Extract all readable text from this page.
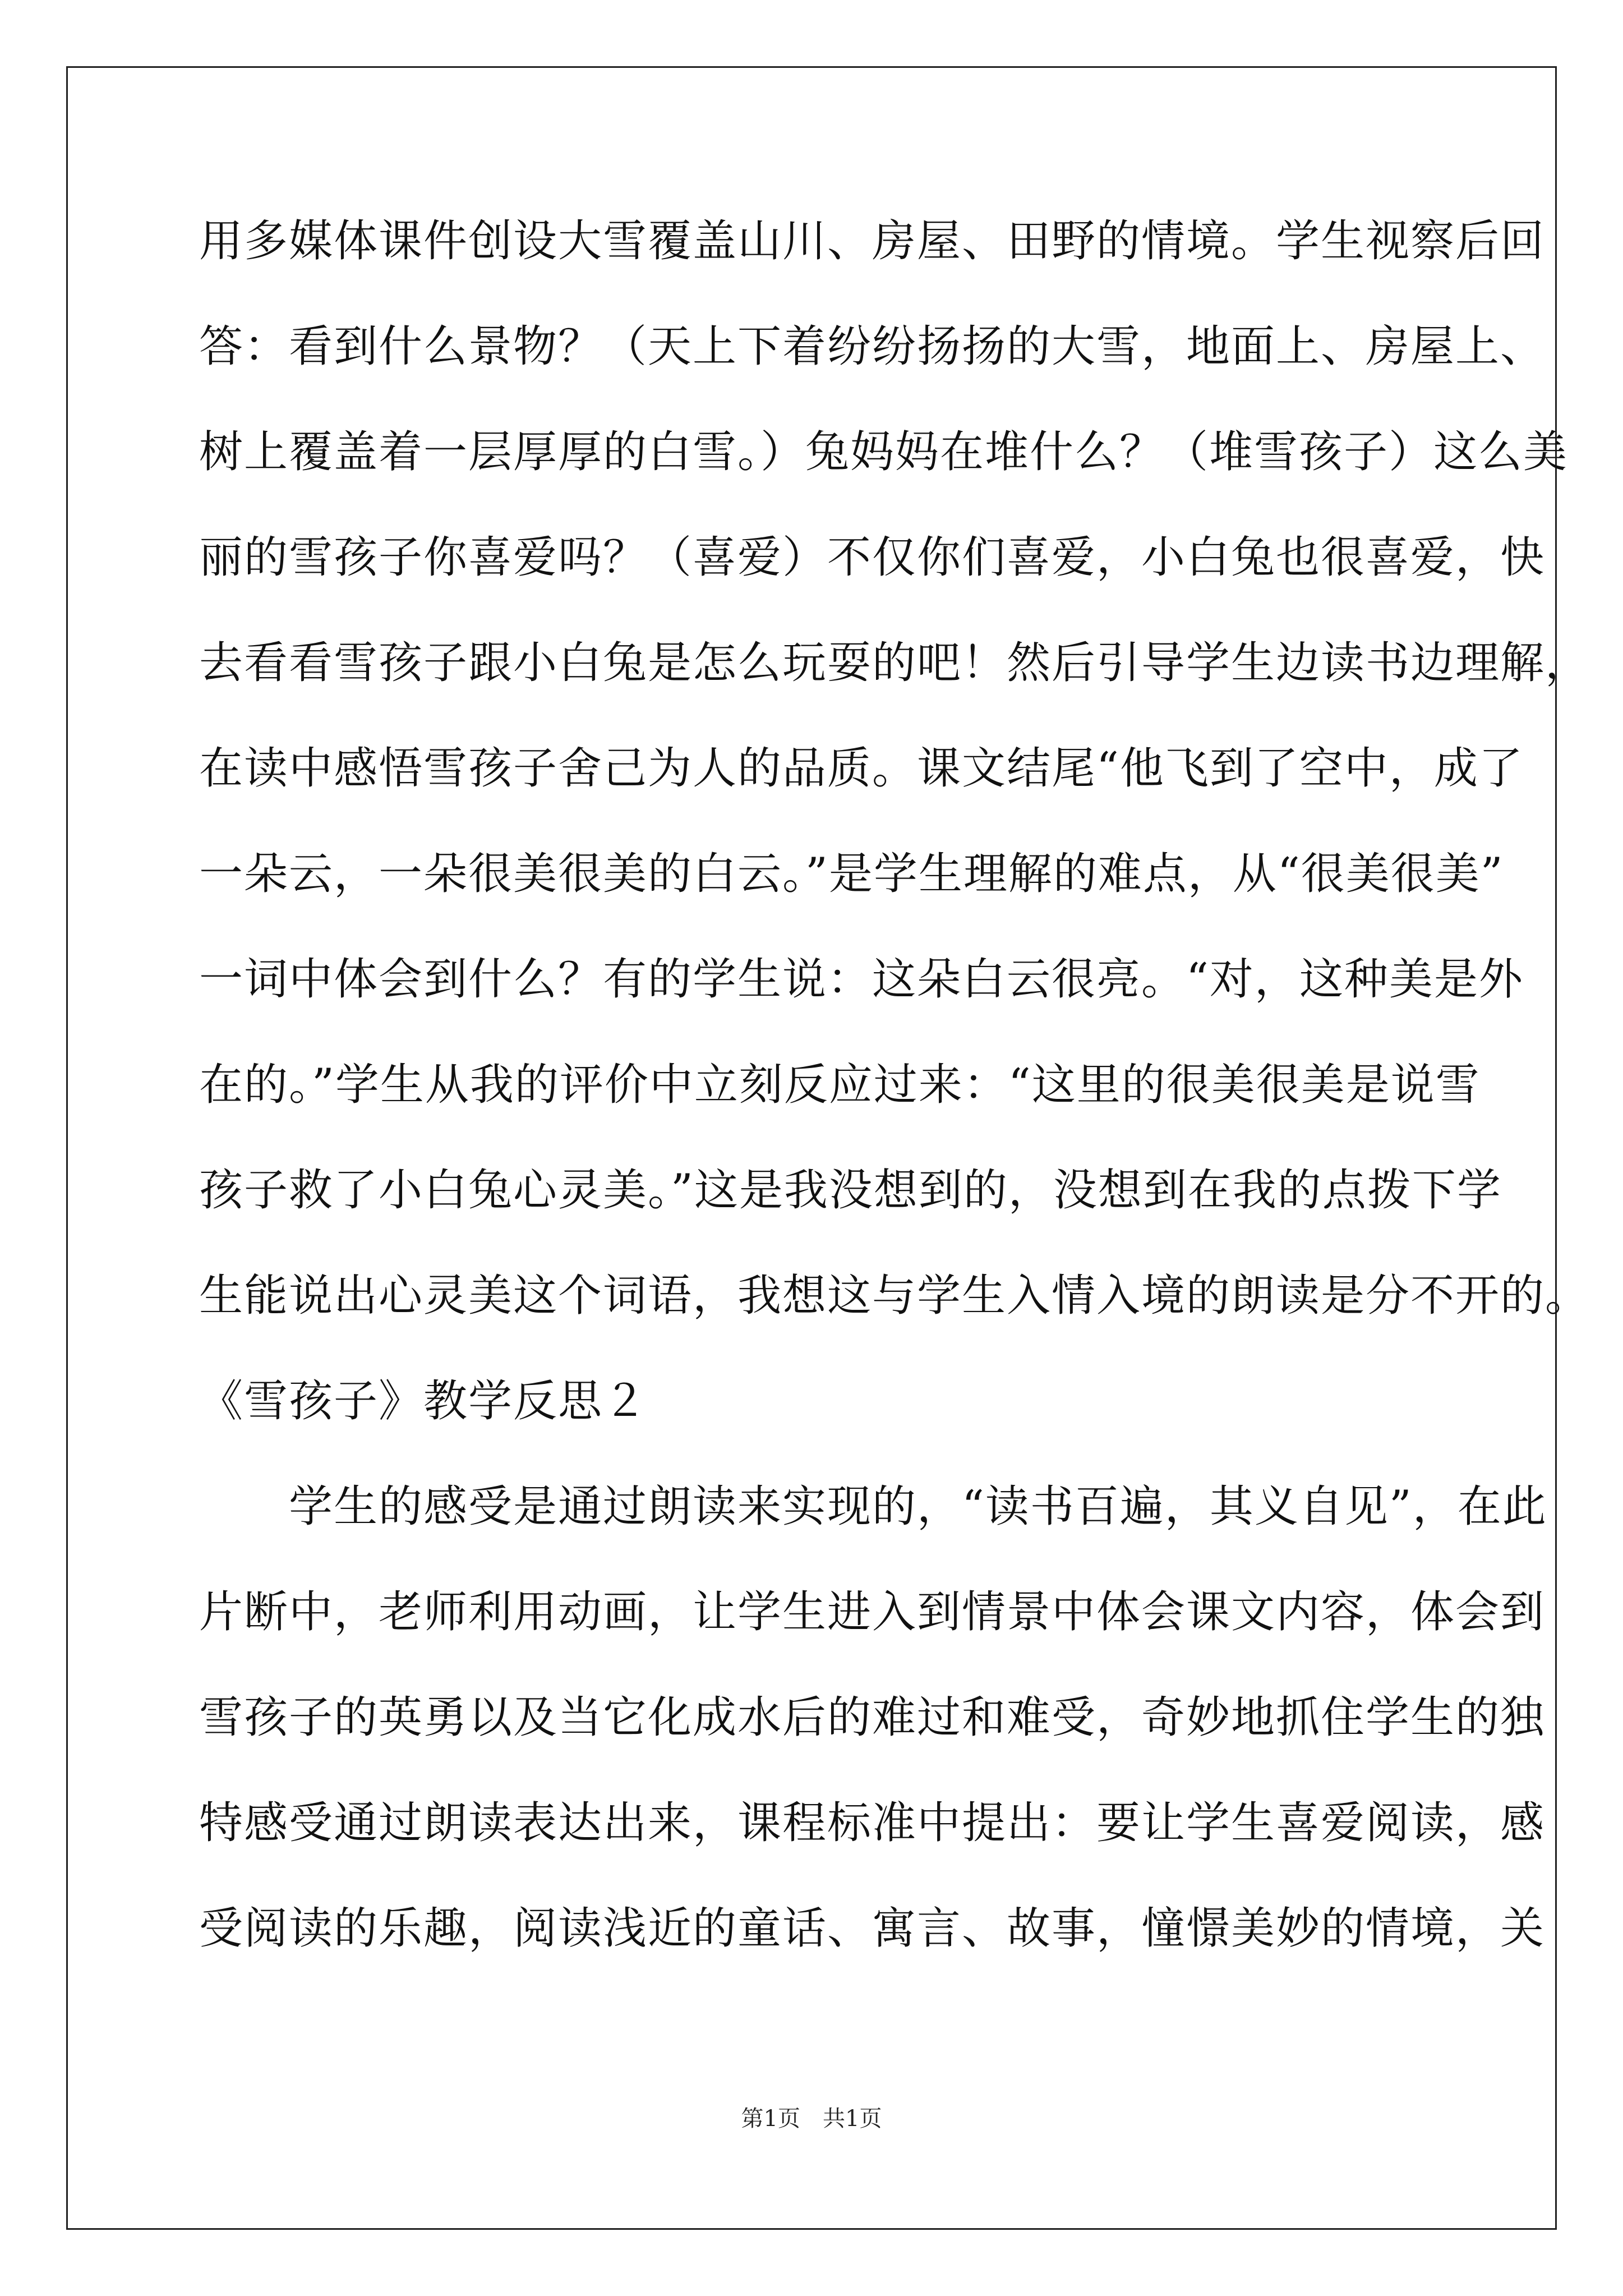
用多媒体课件创设大雪覆盖山川、房屋、田野的情境。学生视察后回
答：看到什么景物？（天上下着纷纷扬扬的大雪，地面上、房屋上、
树上覆盖着一层厚厚的白雪。）兔妈妈在堆什么？（堆雪孩子）这么美
丽的雪孩子你喜爱吗？（喜爱）不仅你们喜爱，小白兔也很喜爱，快
去看看雪孩子跟小白兔是怎么玩耍的吧！然后引导学生边读书边理解，
在读中感悟雪孩子舍己为人的品质。课文结尾“他飞到了空中，成了
一朵云，一朵很美很美的白云。”是学生理解的难点，从“很美很美”
一词中体会到什么？有的学生说：这朵白云很亮。“对，这种美是外
在的。”学生从我的评价中立刻反应过来：“这里的很美很美是说雪
孩子救了小白兔心灵美。”这是我没想到的，没想到在我的点拨下学
生能说出心灵美这个词语，我想这与学生入情入境的朗读是分不开的。
《雪孩子》教学反思２
　　学生的感受是通过朗读来实现的，“读书百遍，其义自见”，在此
片断中，老师利用动画，让学生进入到情景中体会课文内容，体会到
雪孩子的英勇以及当它化成水后的难过和难受，奇妙地抓住学生的独
特感受通过朗读表达出来，课程标准中提出：要让学生喜爱阅读，感
受阅读的乐趣，阅读浅近的童话、寓言、故事，憧憬美妙的情境，关
第1页 共1页
